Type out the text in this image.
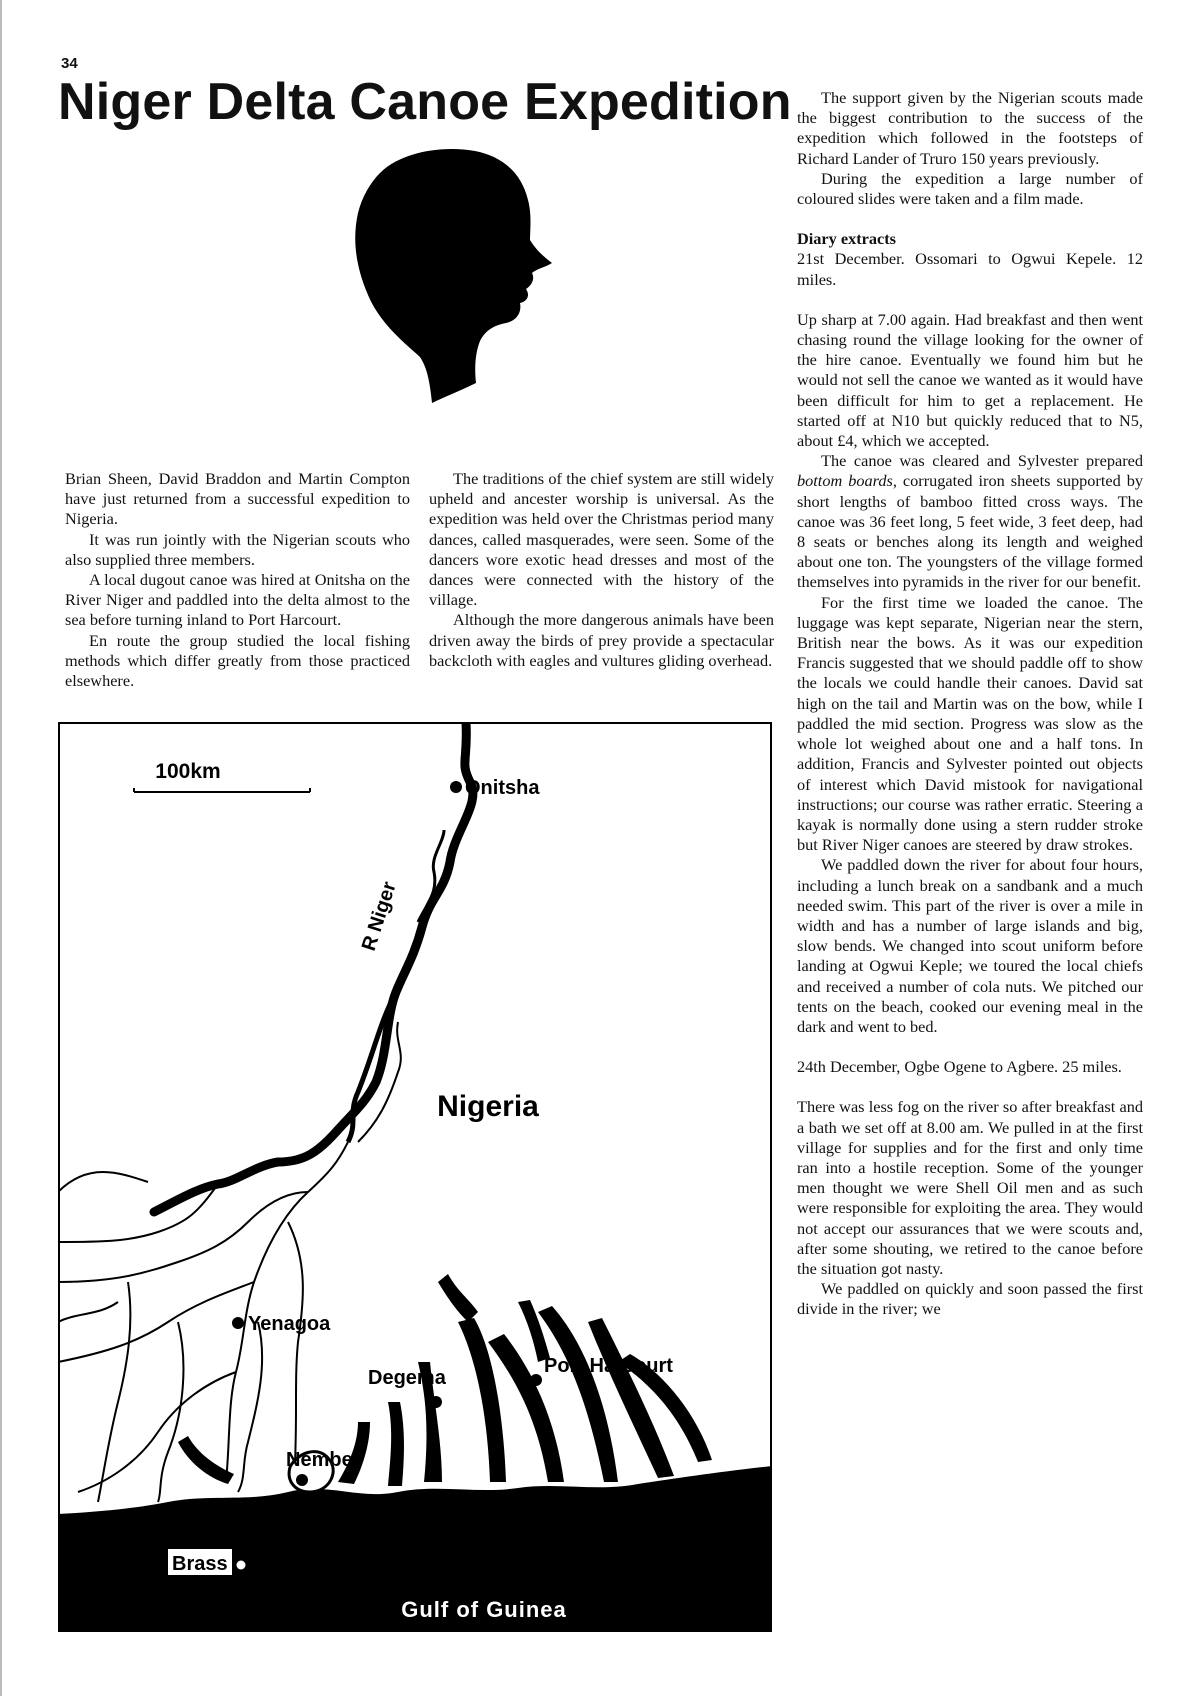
34
Niger Delta Canoe Expedition

Brian Sheen, David Braddon and Martin Compton have just returned from a successful expedition to Nigeria.

It was run jointly with the Nigerian scouts who also supplied three members.

A local dugout canoe was hired at Onitsha on the River Niger and paddled into the delta almost to the sea before turning inland to Port Harcourt.

En route the group studied the local fishing methods which differ greatly from those practiced elsewhere.

The traditions of the chief system are still widely upheld and ancester worship is universal. As the expedition was held over the Christmas period many dances, called masquerades, were seen. Some of the dancers wore exotic head dresses and most of the dances were connected with the history of the village.

Although the more dangerous animals have been driven away the birds of prey provide a spectacular backcloth with eagles and vultures gliding overhead.

The support given by the Nigerian scouts made the biggest contribution to the success of the expedition which followed in the footsteps of Richard Lander of Truro 150 years previously.

During the expedition a large number of coloured slides were taken and a film made.

Diary extracts

21st December. Ossomari to Ogwui Kepele. 12 miles.

Up sharp at 7.00 again. Had breakfast and then went chasing round the village looking for the owner of the hire canoe. Eventually we found him but he would not sell the canoe we wanted as it would have been difficult for him to get a replacement. He started off at N10 but quickly reduced that to N5, about £4, which we accepted.

The canoe was cleared and Sylvester prepared bottom boards, corrugated iron sheets supported by short lengths of bamboo fitted cross ways. The canoe was 36 feet long, 5 feet wide, 3 feet deep, had 8 seats or benches along its length and weighed about one ton. The youngsters of the village formed themselves into pyramids in the river for our benefit.

For the first time we loaded the canoe. The luggage was kept separate, Nigerian near the stern, British near the bows. As it was our expedition Francis suggested that we should paddle off to show the locals we could handle their canoes. David sat high on the tail and Martin was on the bow, while I paddled the mid section. Progress was slow as the whole lot weighed about one and a half tons. In addition, Francis and Sylvester pointed out objects of interest which David mistook for navigational instructions; our course was rather erratic. Steering a kayak is normally done using a stern rudder stroke but River Niger canoes are steered by draw strokes.

We paddled down the river for about four hours, including a lunch break on a sandbank and a much needed swim. This part of the river is over a mile in width and has a number of large islands and big, slow bends. We changed into scout uniform before landing at Ogwui Keple; we toured the local chiefs and received a number of cola nuts. We pitched our tents on the beach, cooked our evening meal in the dark and went to bed.

24th December, Ogbe Ogene to Agbere. 25 miles.

There was less fog on the river so after breakfast and a bath we set off at 8.00 am. We pulled in at the first village for supplies and for the first and only time ran into a hostile reception. Some of the younger men thought we were Shell Oil men and as such were responsible for exploiting the area. They would not accept our assurances that we were scouts and, after some shouting, we retired to the canoe before the situation got nasty.

We paddled on quickly and soon passed the first divide in the river; we

100km
R Niger
Nigeria
Onitsha
Yenagoa
Degema
Port Harcourt
Nembe
Brass
Gulf of Guinea
